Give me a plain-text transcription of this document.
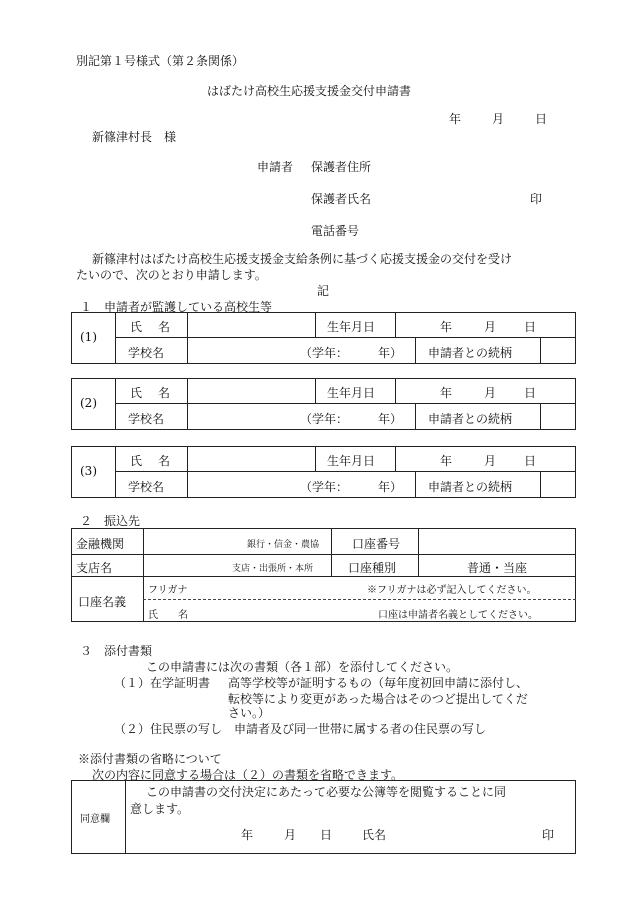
別記第１号様式（第２条関係）
はばたけ高校生応援支援金交付申請書
年	月	日
新篠津村長　様
申請者 保護者住所
保護者氏名	印
電話番号
新篠津村はばたけ高校生応援支援金支給条例に基づく応援支援金の交付を受け
たいので、次のとおり申請します。
記
１　申請者が監護している高校生等
(1)
氏　名	生年月日	年	月 日
学校名	（学年： 年） 申請者との続柄
(2)
氏　名	生年月日	年	月 日
学校名	（学年： 年） 申請者との続柄
(3)
氏　名	生年月日	年	月 日
学校名	（学年： 年） 申請者との続柄
２　振込先
金融機関	銀行・信金・農協	口座番号
支店名	支店・出張所・本所	口座種別	普通・当座
口座名義
フリガナ	※フリガナは必ず記入してください。
氏　　名	口座は申請者名義としてください。
３　添付書類
この申請書には次の書類（各１部）を添付してください。
（１）在学証明書 高等学校等が証明するもの（毎年度初回申請に添付し、
転校等により変更があった場合はそのつど提出してくだ
さい。）
（２）住民票の写し　申請者及び同一世帯に属する者の住民票の写し
※添付書類の省略について
次の内容に同意する場合は（２）の書類を省略できます。
同意欄
この申請書の交付決定にあたって必要な公簿等を閲覧することに同
意します。
年	月 日 氏名	印
